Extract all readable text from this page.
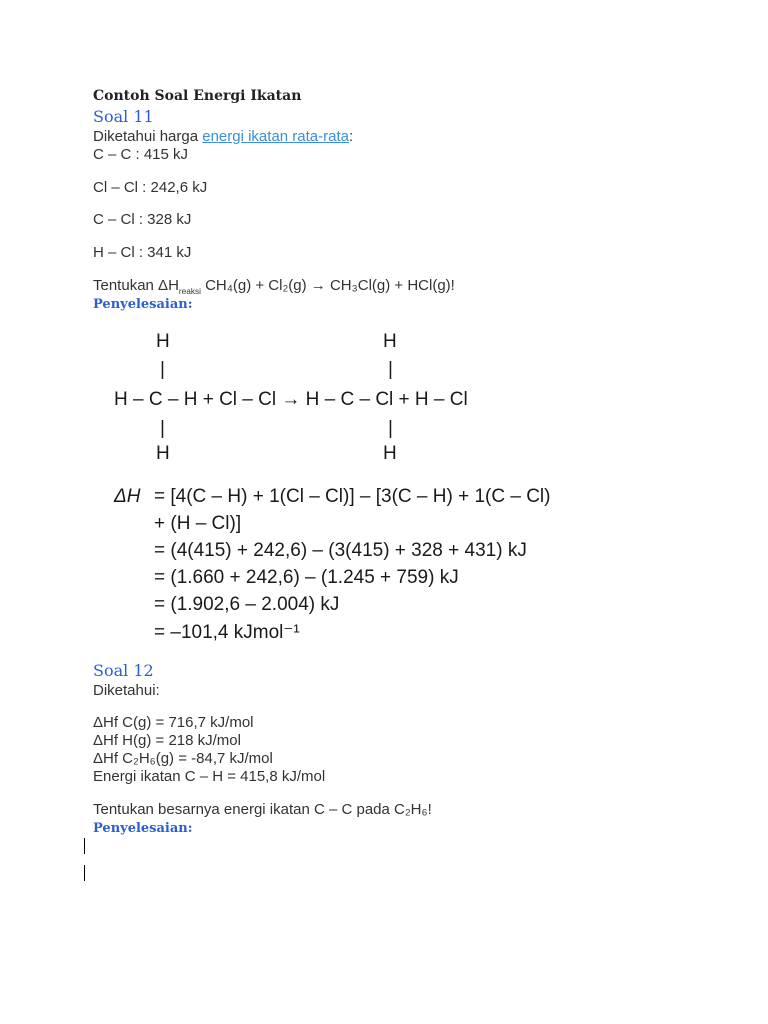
Contoh Soal Energi Ikatan
Soal 11
Diketahui harga energi ikatan rata-rata:
C – C : 415 kJ
Cl – Cl : 242,6 kJ
C – Cl : 328 kJ
H – Cl : 341 kJ
Tentukan $\Delta H_{reaksi}$ CH₄(g) + Cl₂(g) → CH₃Cl(g) + HCl(g)!
Penyelesaian:
H	H
|	|
H – C – H + Cl – Cl → H – C – Cl + H – Cl
|	|
H	H
ΔH = [4(C – H) + 1(Cl – Cl)] – [3(C – H) + 1(C – Cl)
+ (H – Cl)]
= (4(415) + 242,6) – (3(415) + 328 + 431) kJ
= (1.660 + 242,6) – (1.245 + 759) kJ
= (1.902,6 – 2.004) kJ
= –101,4 kJmol⁻¹
Soal 12
Diketahui:
ΔHf C(g) = 716,7 kJ/mol
ΔHf H(g) = 218 kJ/mol
ΔHf C₂H₆(g) = -84,7 kJ/mol
Energi ikatan C – H = 415,8 kJ/mol
Tentukan besarnya energi ikatan C – C pada C₂H₆!
Penyelesaian:
